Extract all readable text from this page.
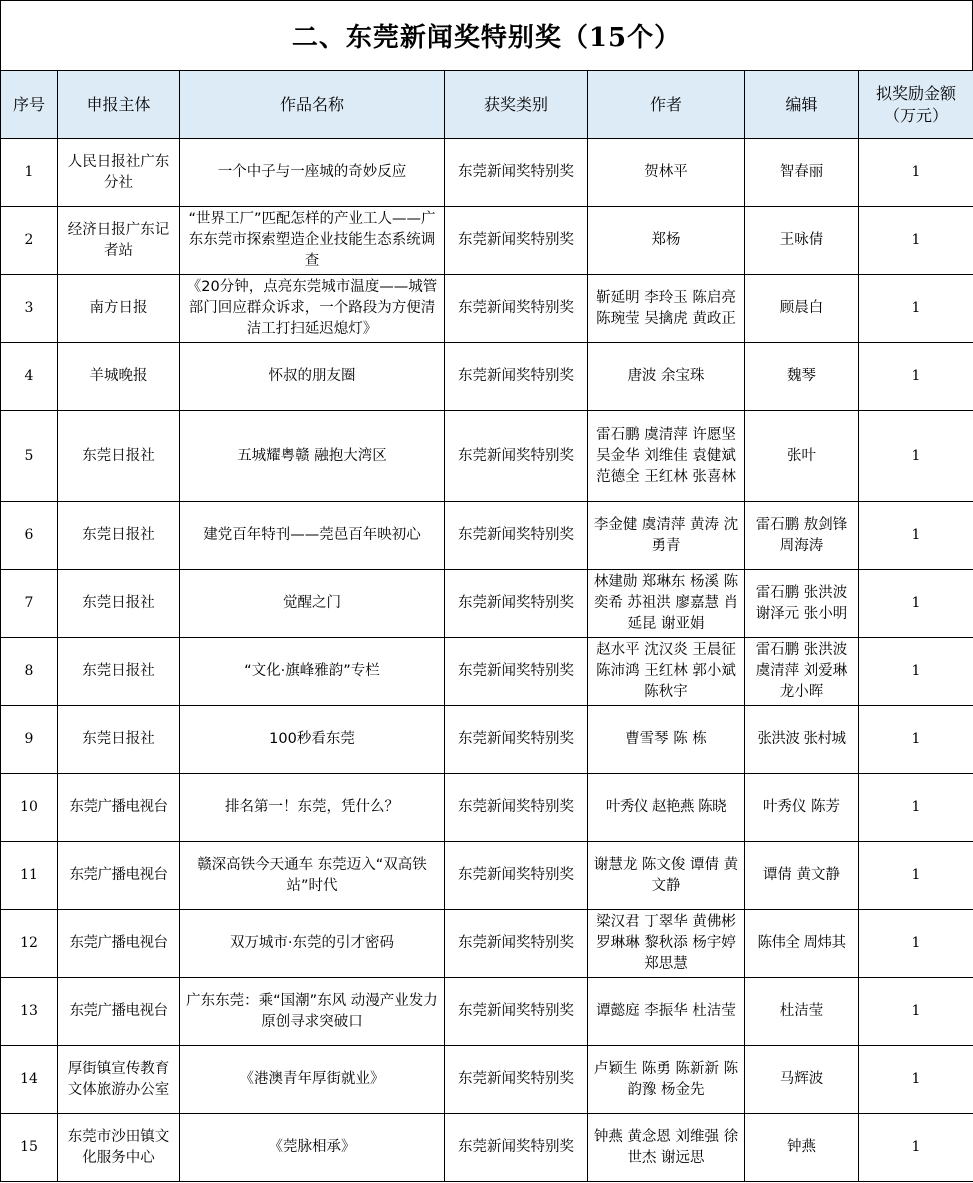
二、东莞新闻奖特别奖（15个）
序号	申报主体	作品名称	获奖类别	作者	编辑	拟奖励金额（万元）
1	人民日报社广东分社	一个中子与一座城的奇妙反应	东莞新闻奖特别奖	贺林平	智春丽	1
2	经济日报广东记者站	“世界工厂”匹配怎样的产业工人——广东东莞市探索塑造企业技能生态系统调查	东莞新闻奖特别奖	郑杨	王咏倩	1
3	南方日报	《20分钟，点亮东莞城市温度——城管部门回应群众诉求，一个路段为方便清洁工打扫延迟熄灯》	东莞新闻奖特别奖	靳延明 李玲玉 陈启亮 陈琬莹 吴擒虎 黄政正	顾晨白	1
4	羊城晚报	怀叔的朋友圈	东莞新闻奖特别奖	唐波 余宝珠	魏琴	1
5	东莞日报社	五城耀粤赣 融抱大湾区	东莞新闻奖特别奖	雷石鹏 虞清萍 许愿坚 吴金华 刘维佳 袁健斌 范德全 王红林 张喜林	张叶	1
6	东莞日报社	建党百年特刊——莞邑百年映初心	东莞新闻奖特别奖	李金健 虞清萍 黄涛 沈勇青	雷石鹏 敖剑锋 周海涛	1
7	东莞日报社	觉醒之门	东莞新闻奖特别奖	林建勋 郑琳东 杨溪 陈奕希 苏祖洪 廖嘉慧 肖延昆 谢亚娟	雷石鹏 张洪波 谢泽元 张小明	1
8	东莞日报社	“文化·旗峰雅韵”专栏	东莞新闻奖特别奖	赵水平 沈汉炎 王晨征 陈沛鸿 王红林 郭小斌 陈秋宇	雷石鹏 张洪波 虞清萍 刘爱琳 龙小晖	1
9	东莞日报社	100秒看东莞	东莞新闻奖特别奖	曹雪琴 陈 栋	张洪波 张村城	1
10	东莞广播电视台	排名第一！东莞，凭什么？	东莞新闻奖特别奖	叶秀仪 赵艳燕 陈晓	叶秀仪 陈芳	1
11	东莞广播电视台	赣深高铁今天通车 东莞迈入“双高铁站”时代	东莞新闻奖特别奖	谢慧龙 陈文俊 谭倩 黄文静	谭倩 黄文静	1
12	东莞广播电视台	双万城市·东莞的引才密码	东莞新闻奖特别奖	梁汉君 丁翠华 黄佛彬 罗琳琳 黎秋添 杨宇婷 郑思慧	陈伟全 周炜其	1
13	东莞广播电视台	广东东莞：乘“国潮”东风 动漫产业发力原创寻求突破口	东莞新闻奖特别奖	谭懿庭 李振华 杜洁莹	杜洁莹	1
14	厚街镇宣传教育文体旅游办公室	《港澳青年厚街就业》	东莞新闻奖特别奖	卢颖生 陈勇 陈新新 陈韵豫 杨金先	马辉波	1
15	东莞市沙田镇文化服务中心	《莞脉相承》	东莞新闻奖特别奖	钟燕 黄念恩 刘维强 徐世杰 谢远思	钟燕	1
